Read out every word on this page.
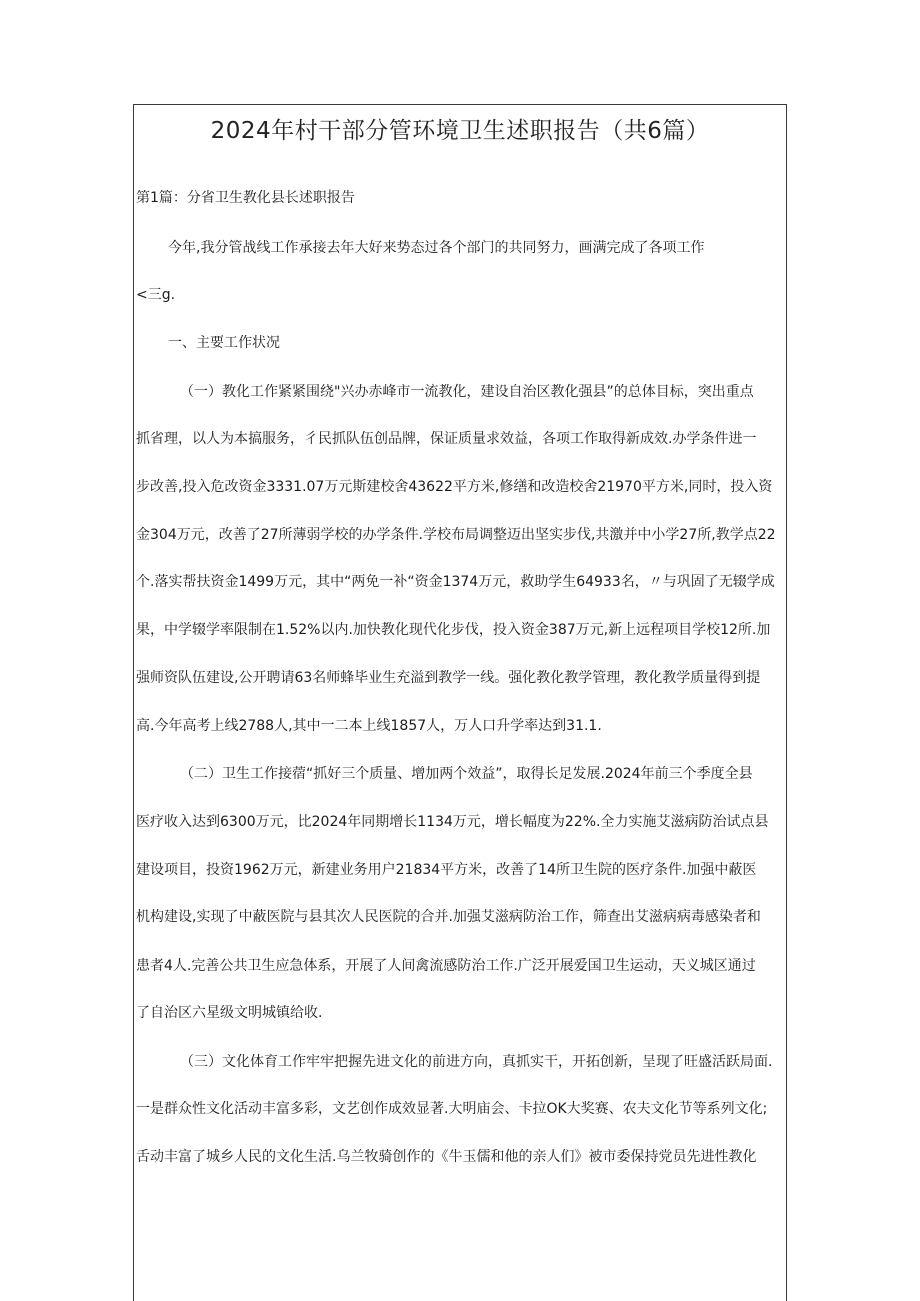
2024年村干部分管环境卫生述职报告（共6篇）
第1篇：分省卫生教化县长述职报告
今年,我分管战线工作承接去年大好来势态过各个部门的共同努力，画满完成了各项工作
<三g.
一、主要工作状况
（一）教化工作紧紧围绕"兴办赤峰市一流教化，建设自治区教化强县”的总体目标，突出重点
抓省理，以人为本搞服务，彳民抓队伍创品牌，保证质量求效益，各项工作取得新成效.办学条件进一
步改善,投入危改资金3331.07万元斯建校舍43622平方米,修缮和改造校舍21970平方米,同时，投入资
金304万元，改善了27所薄弱学校的办学条件.学校布局调整迈出坚实步伐,共激并中小学27所,教学点22
个.落实帮扶资金1499万元，其中“两免一补“资金1374万元，救助学生64933名，〃与巩固了无辍学成
果，中学辍学率限制在1.52%以内.加快教化现代化步伐，投入资金387万元,新上远程项目学校12所.加
强师资队伍建设,公开聘请63名师蜂毕业生充溢到教学一线。强化教化教学管理，教化教学质量得到提
高.今年高考上线2788人,其中一二本上线1857人，万人口升学率达到31.1.
（二）卫生工作接蓿“抓好三个质量、增加两个效益”，取得长足发展.2024年前三个季度全县
医疗收入达到6300万元，比2024年同期增长1134万元，增长幅度为22%.全力实施艾滋病防治试点县
建设项目，投资1962万元，新建业务用户21834平方米，改善了14所卫生院的医疗条件.加强中蔽医
机构建设,实现了中蔽医院与县其次人民医院的合并.加强艾滋病防治工作，筛查出艾滋病病毒感染者和
患者4人.完善公共卫生应急体系，开展了人间禽流感防治工作.广泛开展爱国卫生运动，天义城区通过
了自治区六星级文明城镇给收.
（三）文化体育工作牢牢把握先进文化的前进方向，真抓实干，开拓创新，呈现了旺盛活跃局面.
一是群众性文化活动丰富多彩，文艺创作成效显著.大明庙会、卡拉OK大奖赛、农夫文化节等系列文化;
舌动丰富了城乡人民的文化生活.乌兰牧骑创作的《牛玉儒和他的亲人们》被市委保持党员先进性教化
